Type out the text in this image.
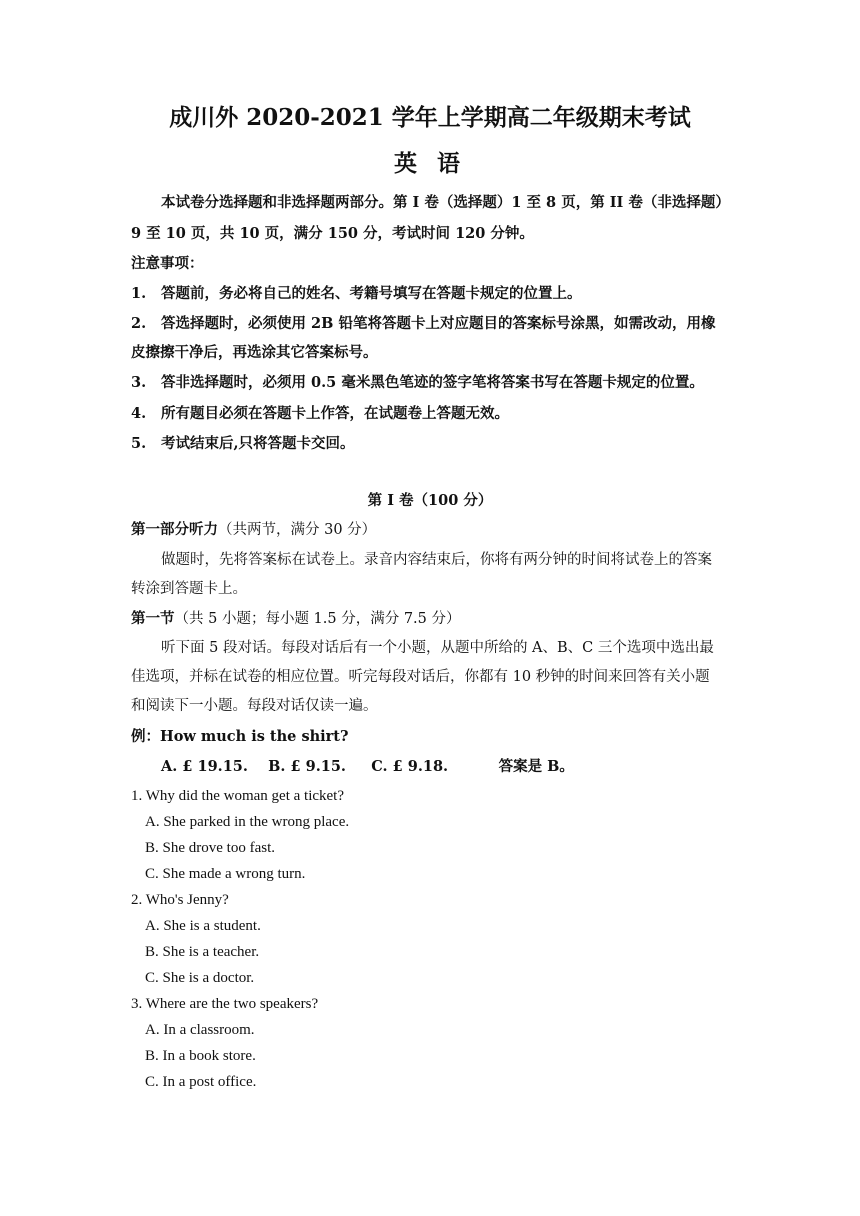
成川外 2020-2021 学年上学期高二年级期末考试
英 语
本试卷分选择题和非选择题两部分。第 I 卷（选择题）1 至 8 页，第 II 卷（非选择题）
9 至 10 页，共 10 页，满分 150 分，考试时间 120 分钟。
注意事项：
1. 答题前，务必将自己的姓名、考籍号填写在答题卡规定的位置上。
2. 答选择题时，必须使用 2B 铅笔将答题卡上对应题目的答案标号涂黑，如需改动，用橡
皮擦擦干净后，再选涂其它答案标号。
3. 答非选择题时，必须用 0.5 毫米黑色笔迹的签字笔将答案书写在答题卡规定的位置。
4. 所有题目必须在答题卡上作答，在试题卷上答题无效。
5. 考试结束后,只将答题卡交回。
第 I 卷（100 分）
第一部分听力（共两节，满分 30 分）
做题时，先将答案标在试卷上。录音内容结束后，你将有两分钟的时间将试卷上的答案
转涂到答题卡上。
第一节（共 5 小题；每小题 1.5 分，满分 7.5 分）
听下面 5 段对话。每段对话后有一个小题，从题中所给的 A、B、C 三个选项中选出最
佳选项，并标在试卷的相应位置。听完每段对话后，你都有 10 秒钟的时间来回答有关小题
和阅读下一小题。每段对话仅读一遍。
例：How much is the shirt?
A. £ 19.15.    B. £ 9.15.     C. £ 9.18.          答案是 B。
1. Why did the woman get a ticket?
A. She parked in the wrong place.
B. She drove too fast.
C. She made a wrong turn.
2. Who's Jenny?
A. She is a student.
B. She is a teacher.
C. She is a doctor.
3. Where are the two speakers?
A. In a classroom.
B. In a book store.
C. In a post office.
